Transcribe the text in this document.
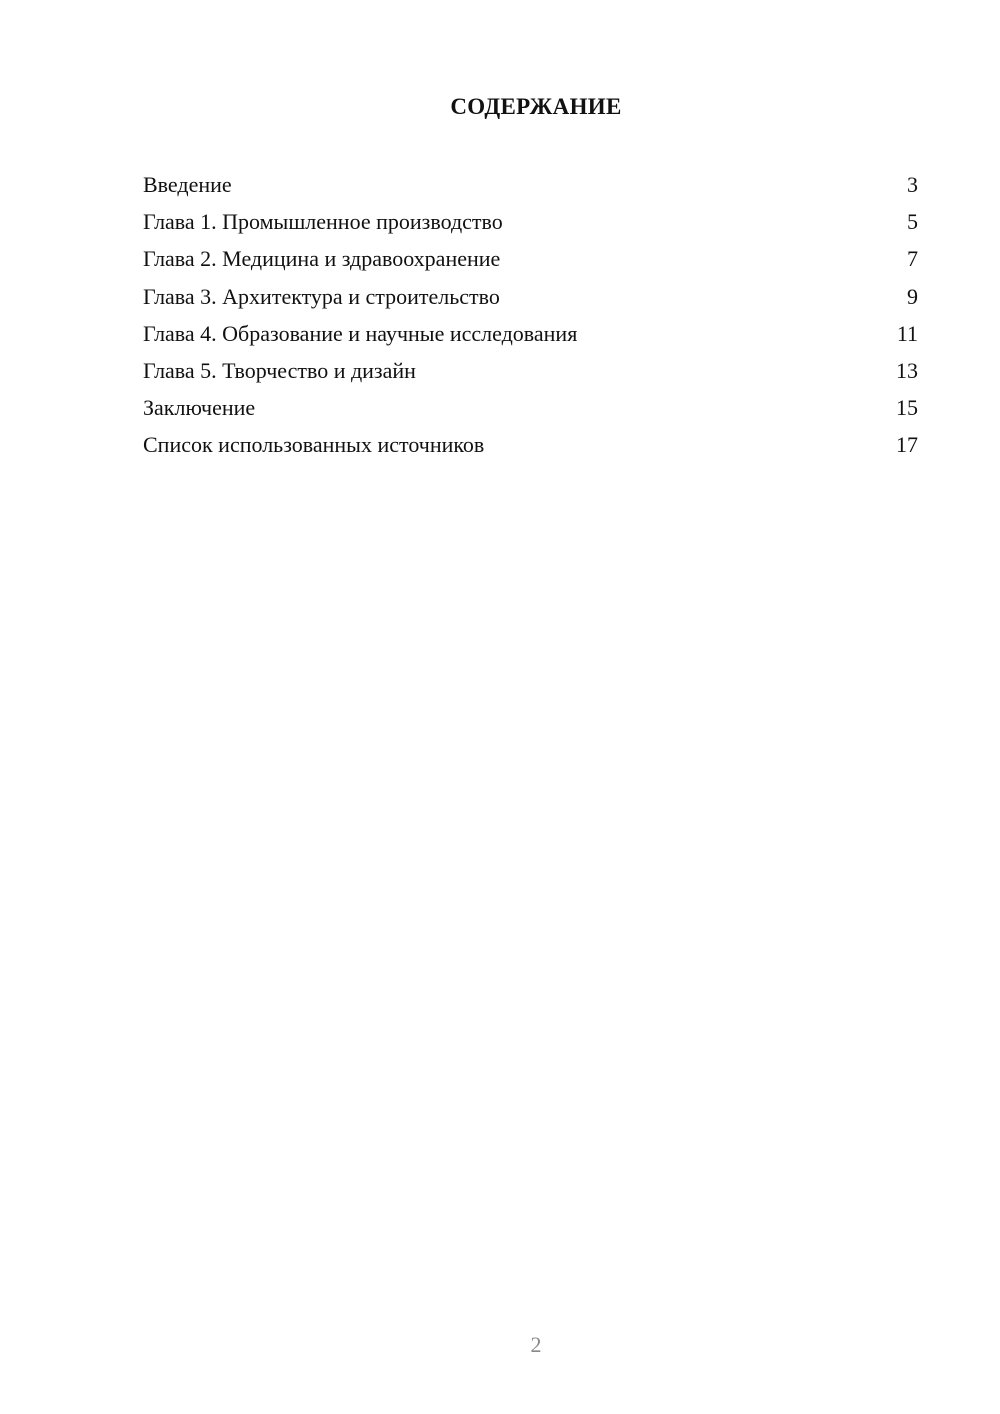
СОДЕРЖАНИЕ
Введение	3
Глава 1. Промышленное производство	5
Глава 2. Медицина и здравоохранение	7
Глава 3. Архитектура и строительство	9
Глава 4. Образование и научные исследования	11
Глава 5. Творчество и дизайн	13
Заключение	15
Список использованных источников	17
2
